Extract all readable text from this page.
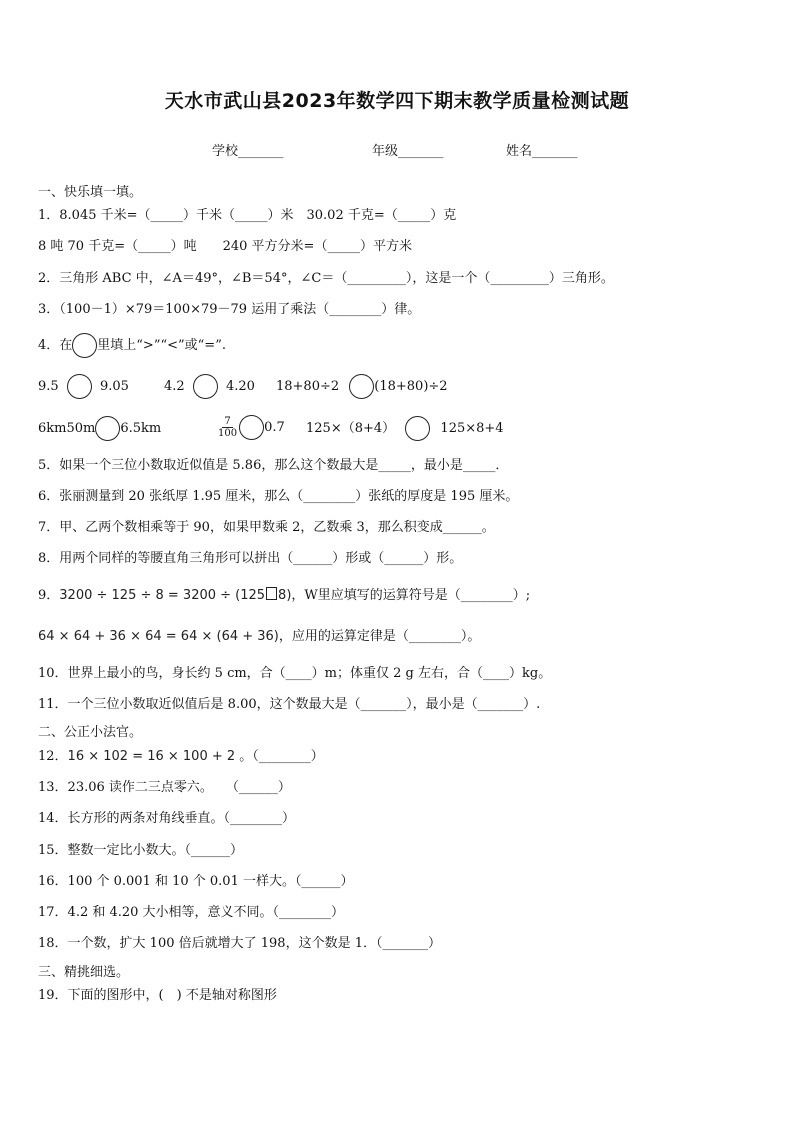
天水市武山县2023年数学四下期末教学质量检测试题
学校_______	年级_______	姓名_______
一、快乐填一填。
1．8.045 千米=（_____）千米（_____）米　30.02 千克=（_____）克
8 吨 70 千克=（_____）吨　　240 平方分米=（_____）平方米
2．三角形 ABC 中，∠A＝49°，∠B＝54°，∠C＝（_________），这是一个（_________）三角形。
3．（100－1）×79＝100×79－79 运用了乘法（________）律。
4．在 里填上“>”“<”或“=”.
9.5	9.05	4.2	4.20 18+80÷2	(18+80)÷2
6km50m 6.5km	$\frac{7}{100} 0.7$ 125×（8+4）	125×8+4
5．如果一个三位小数取近似值是 5.86，那么这个数最大是_____，最小是_____．
6．张丽测量到 20 张纸厚 1.95 厘米，那么（________）张纸的厚度是 195 厘米。
7．甲、乙两个数相乘等于 90，如果甲数乘 2，乙数乘 3，那么积变成______。
8．用两个同样的等腰直角三角形可以拼出（______）形或（______）形。
9．3200 ÷ 125 ÷ 8 = 3200 ÷ (125 8)，W里应填写的运算符号是（________）;
64 × 64 + 36 × 64 = 64 × (64 + 36)，应用的运算定律是（________）。
10．世界上最小的鸟，身长约 5 cm，合（____）m；体重仅 2 g 左右，合（____）kg。
11．一个三位小数取近似值后是 8.00，这个数最大是（_______），最小是（_______）.
二、公正小法官。
12．16 × 102 = 16 × 100 + 2 。（________）
13．23.06 读作二三点零六。　　（______）
14．长方形的两条对角线垂直。（________）
15．整数一定比小数大。（______）
16．100 个 0.001 和 10 个 0.01 一样大。（______）
17．4.2 和 4.20 大小相等，意义不同。（________）
18．一个数，扩大 100 倍后就增大了 198，这个数是 1．（_______）
三、精挑细选。
19．下面的图形中，(　) 不是轴对称图形
